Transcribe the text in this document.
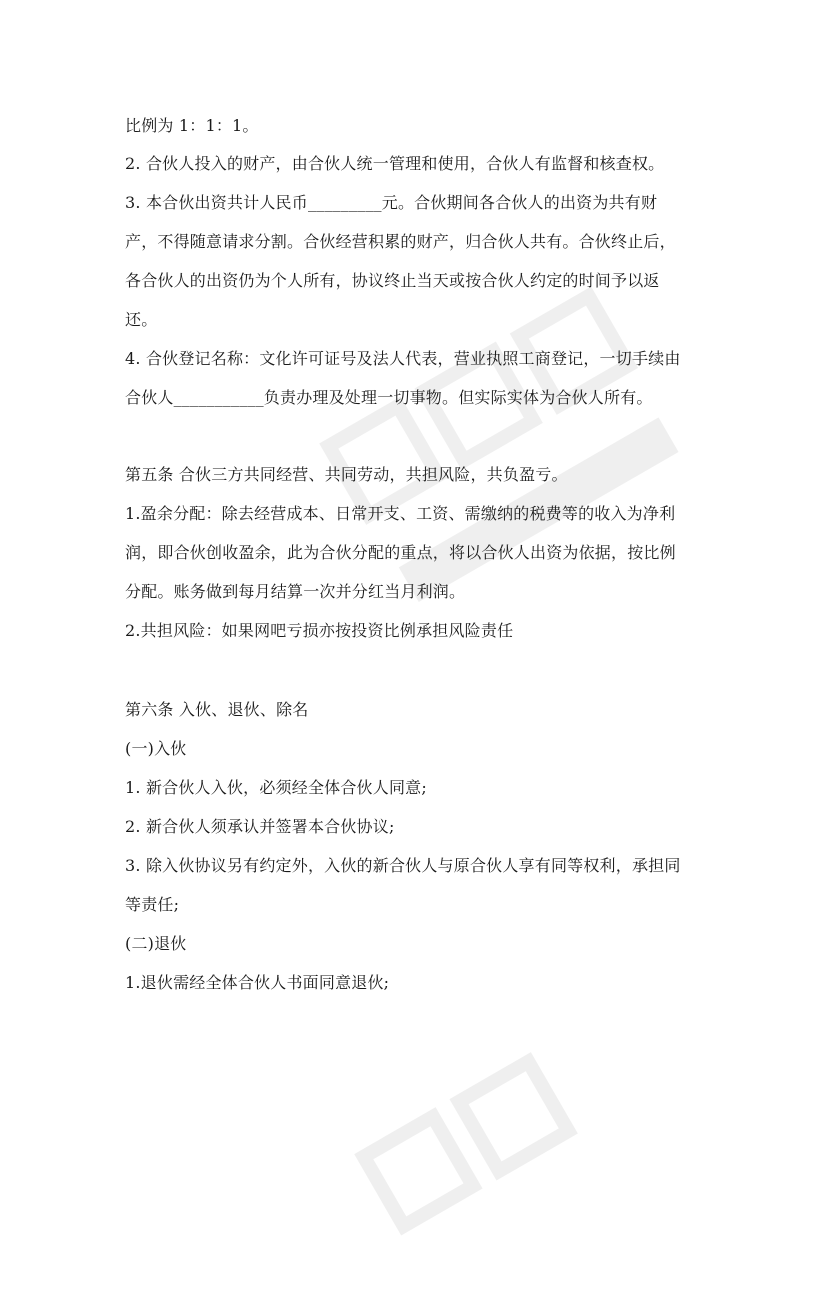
比例为 1：1：1。
2. 合伙人投入的财产，由合伙人统一管理和使用，合伙人有监督和核查权。
3. 本合伙出资共计人民币_________元。合伙期间各合伙人的出资为共有财
产，不得随意请求分割。合伙经营积累的财产，归合伙人共有。合伙终止后，
各合伙人的出资仍为个人所有，协议终止当天或按合伙人约定的时间予以返
还。
4. 合伙登记名称：文化许可证号及法人代表，营业执照工商登记，一切手续由
合伙人___________负责办理及处理一切事物。但实际实体为合伙人所有。
第五条 合伙三方共同经营、共同劳动，共担风险，共负盈亏。
1.盈余分配：除去经营成本、日常开支、工资、需缴纳的税费等的收入为净利
润，即合伙创收盈余，此为合伙分配的重点，将以合伙人出资为依据，按比例
分配。账务做到每月结算一次并分红当月利润。
2.共担风险：如果网吧亏损亦按投资比例承担风险责任
第六条 入伙、退伙、除名
(一)入伙
1. 新合伙人入伙，必须经全体合伙人同意;
2. 新合伙人须承认并签署本合伙协议;
3. 除入伙协议另有约定外，入伙的新合伙人与原合伙人享有同等权利，承担同
等责任;
(二)退伙
1.退伙需经全体合伙人书面同意退伙;
